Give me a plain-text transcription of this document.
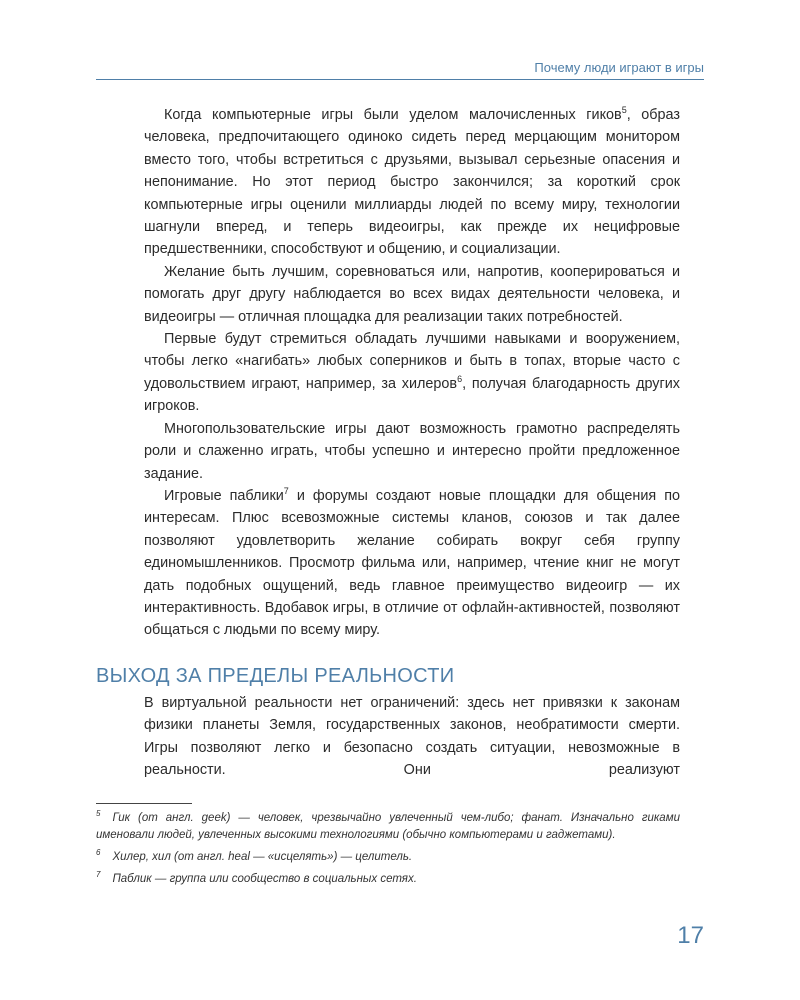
Почему люди играют в игры

Когда компьютерные игры были уделом малочисленных гиков$^5$, образ человека, предпочитающего одиноко сидеть перед мерцающим монитором вместо того, чтобы встретиться с друзьями, вызывал серьезные опасения и непонимание. Но этот период быстро закончился; за короткий срок компьютерные игры оценили миллиарды людей по всему миру, технологии шагнули вперед, и теперь видеоигры, как прежде их нецифровые предшественники, способствуют и общению, и социализации.

Желание быть лучшим, соревноваться или, напротив, кооперироваться и помогать друг другу наблюдается во всех видах деятельности человека, и видеоигры — отличная площадка для реализации таких потребностей.

Первые будут стремиться обладать лучшими навыками и вооружением, чтобы легко «нагибать» любых соперников и быть в топах, вторые часто с удовольствием играют, например, за хилеров$^6$, получая благодарность других игроков.

Многопользовательские игры дают возможность грамотно распределять роли и слаженно играть, чтобы успешно и интересно пройти предложенное задание.

Игровые паблики$^7$ и форумы создают новые площадки для общения по интересам. Плюс всевозможные системы кланов, союзов и так далее позволяют удовлетворить желание собирать вокруг себя группу единомышленников. Просмотр фильма или, например, чтение книг не могут дать подобных ощущений, ведь главное преимущество видеоигр — их интерактивность. Вдобавок игры, в отличие от офлайн-активностей, позволяют общаться с людьми по всему миру.

ВЫХОД ЗА ПРЕДЕЛЫ РЕАЛЬНОСТИ

В виртуальной реальности нет ограничений: здесь нет привязки к законам физики планеты Земля, государственных законов, необратимости смерти. Игры позволяют легко и безопасно создать ситуации, невозможные в реальности. Они реализуют

$^5$ Гик (от англ. geek) — человек, чрезвычайно увлеченный чем-либо; фанат. Изначально гиками именовали людей, увлеченных высокими технологиями (обычно компьютерами и гаджетами).

$^6$ Хилер, хил (от англ. heal — «исцелять») — целитель.

$^7$ Паблик — группа или сообщество в социальных сетях.

17
